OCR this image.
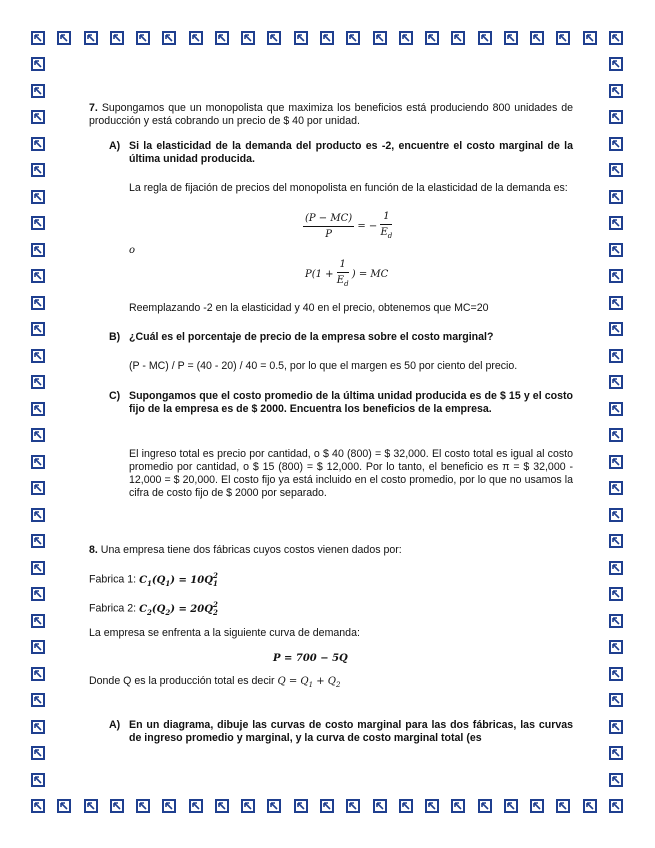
7. Supongamos que un monopolista que maximiza los beneficios está produciendo 800 unidades de producción y está cobrando un precio de $ 40 por unidad.
A) Si la elasticidad de la demanda del producto es -2, encuentre el costo marginal de la última unidad producida.
La regla de fijación de precios del monopolista en función de la elasticidad de la demanda es:
$\frac{(P - MC)}{P}$ = − $\frac{1}{E_d}$
o
$P(1 + \frac{1}{E_d}$ ) = MC
Reemplazando -2 en la elasticidad y 40 en el precio, obtenemos que MC=20
B) ¿Cuál es el porcentaje de precio de la empresa sobre el costo marginal?
(P - MC) / P = (40 - 20) / 40 = 0.5, por lo que el margen es 50 por ciento del precio.
C) Supongamos que el costo promedio de la última unidad producida es de $ 15 y el costo fijo de la empresa es de $ 2000. Encuentra los beneficios de la empresa.
El ingreso total es precio por cantidad, o $ 40 (800) = $ 32,000. El costo total es igual al costo promedio por cantidad, o $ 15 (800) = $ 12,000. Por lo tanto, el beneficio es π = $ 32,000 - 12,000 = $ 20,000. El costo fijo ya está incluido en el costo promedio, por lo que no usamos la cifra de costo fijo de $ 2000 por separado.
8. Una empresa tiene dos fábricas cuyos costos vienen dados por:
Fabrica 1: $C_1(Q_1) = 10Q$ 2
1
Fabrica 2: $C_2(Q_2) = 20Q$ 2
2
La empresa se enfrenta a la siguiente curva de demanda:
P = 700 − 5Q
Donde Q es la producción total es decir $Q = Q_1 + Q_2$
A) En un diagrama, dibuje las curvas de costo marginal para las dos fábricas, las curvas de ingreso promedio y marginal, y la curva de costo marginal total (es
